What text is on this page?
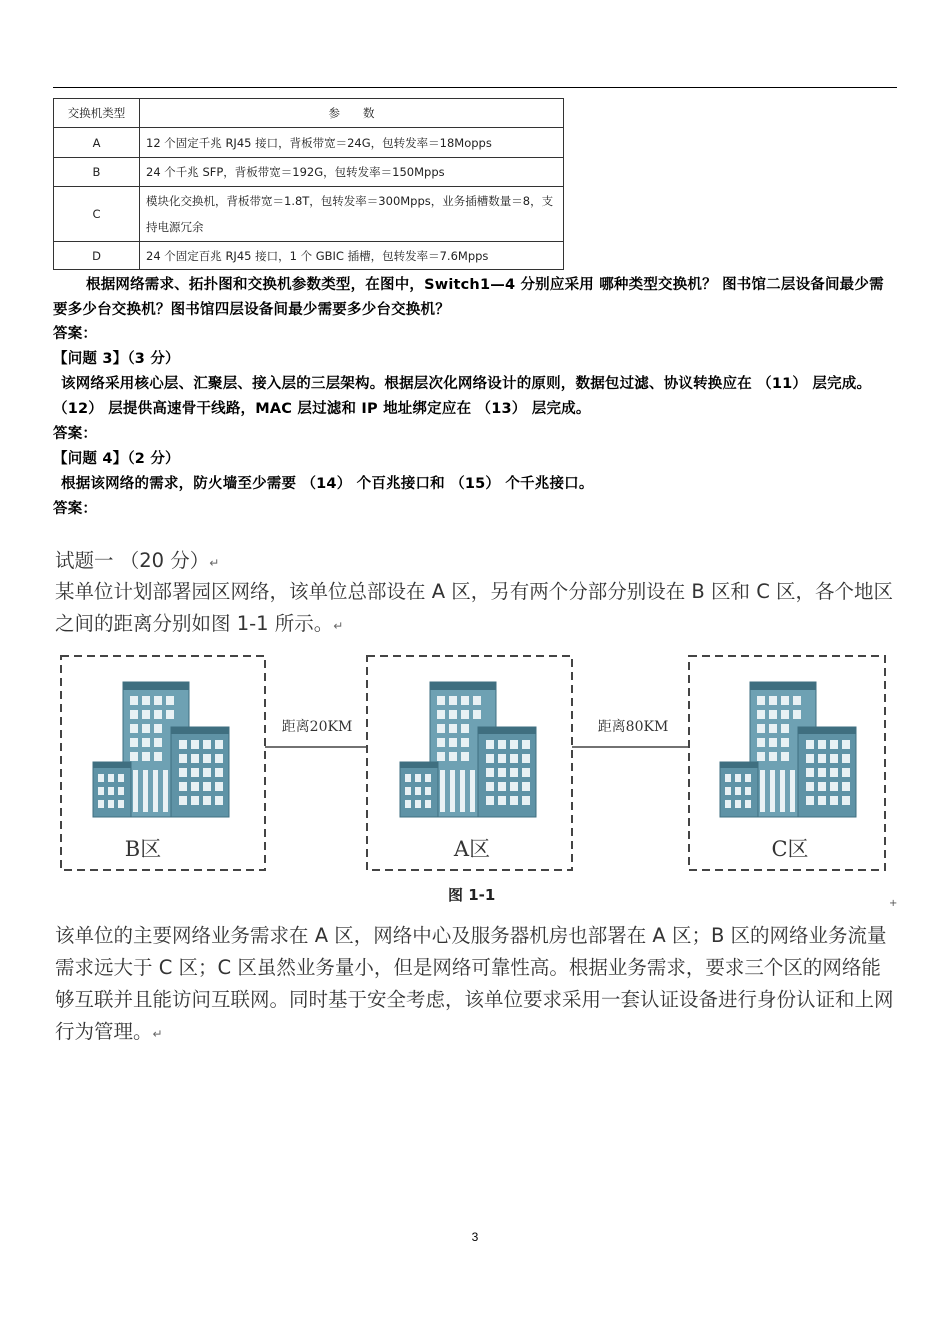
交换机类型	参　　数
A	12 个固定千兆 RJ45 接口，背板带宽＝24G，包转发率＝18Mopps
B	24 个千兆 SFP，背板带宽＝192G，包转发率＝150Mpps
C	模块化交换机，背板带宽＝1.8T，包转发率＝300Mpps，业务插槽数量＝8，支持电源冗余
D	24 个固定百兆 RJ45 接口，1 个 GBIC 插槽，包转发率＝7.6Mpps
根据网络需求、拓扑图和交换机参数类型，在图中，Switch1—4 分别应采用 哪种类型交换机？ 图书馆二层设备间最少需要多少台交换机？图书馆四层设备间最少需要多少台交换机？
答案：
【问题 3】（3 分）
该网络采用核心层、汇聚层、接入层的三层架构。根据层次化网络设计的原则，数据包过滤、协议转换应在 （11） 层完成。 （12） 层提供高速骨干线路，MAC 层过滤和 IP 地址绑定应在 （13） 层完成。
答案：
【问题 4】（2 分）
根据该网络的需求，防火墙至少需要 （14） 个百兆接口和 （15） 个千兆接口。
答案：
试题一 （20 分）↵
某单位计划部署园区网络，该单位总部设在 A 区，另有两个分部分别设在 B 区和 C 区，各个地区之间的距离分别如图 1-1 所示。↵
B区
距离20KM
A区
距离80KM
C区
图 1-1	+
该单位的主要网络业务需求在 A 区，网络中心及服务器机房也部署在 A 区；B 区的网络业务流量需求远大于 C 区；C 区虽然业务量小，但是网络可靠性高。根据业务需求，要求三个区的网络能够互联并且能访问互联网。同时基于安全考虑，该单位要求采用一套认证设备进行身份认证和上网行为管理。↵
3
